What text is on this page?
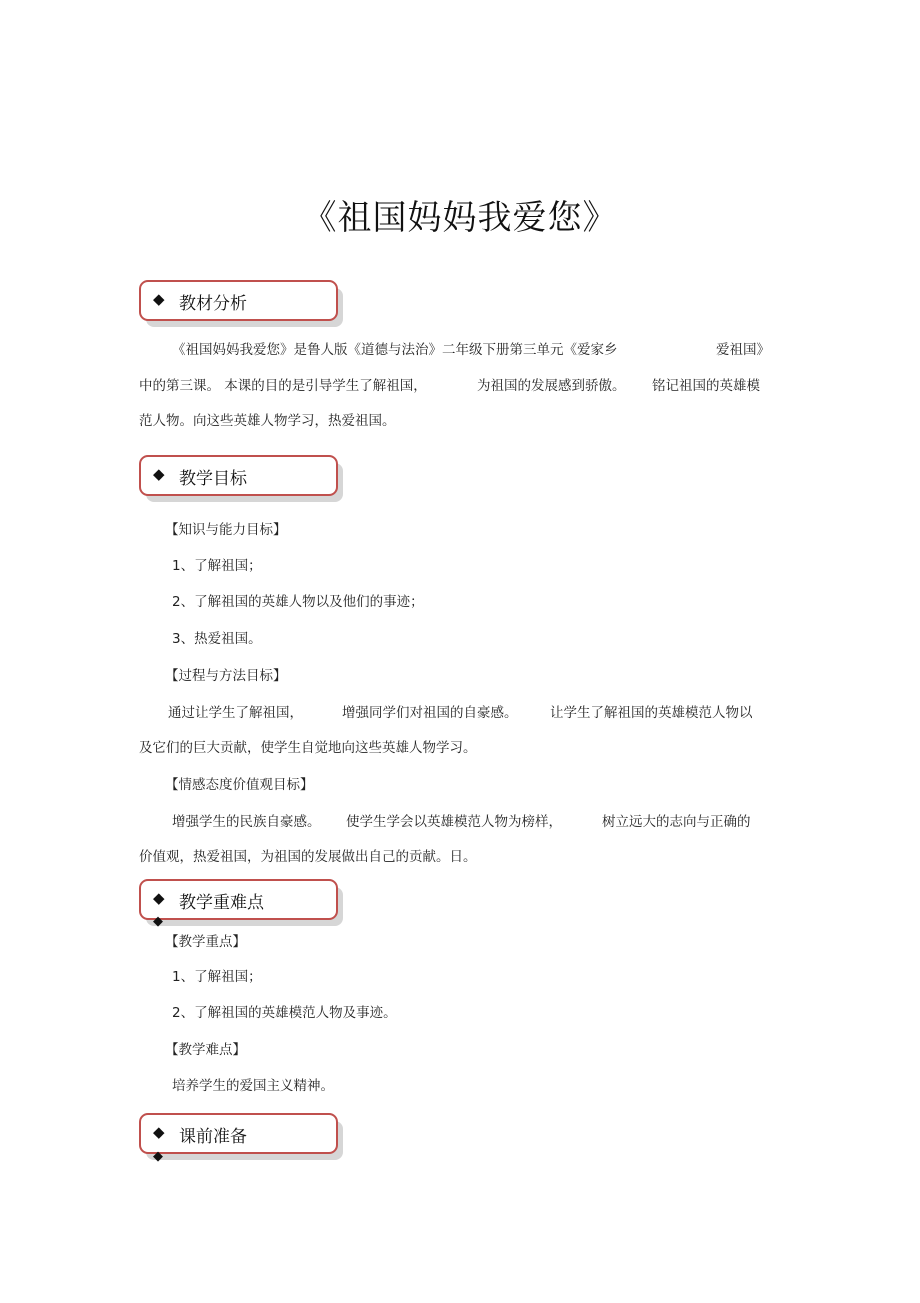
《祖国妈妈我爱您》
◆ 教材分析
《祖国妈妈我爱您》是鲁人版《道德与法治》二年级下册第三单元《爱家乡	爱祖国》
中的第三课。 本课的目的是引导学生了解祖国，	为祖国的发展感到骄傲。 铭记祖国的英雄模
范人物。向这些英雄人物学习，热爱祖国。
◆ 教学目标
【知识与能力目标】
1、了解祖国；
2、了解祖国的英雄人物以及他们的事迹；
3、热爱祖国。
【过程与方法目标】
通过让学生了解祖国，	增强同学们对祖国的自豪感。 让学生了解祖国的英雄模范人物以
及它们的巨大贡献，使学生自觉地向这些英雄人物学习。
【情感态度价值观目标】
增强学生的民族自豪感。 使学生学会以英雄模范人物为榜样，	树立远大的志向与正确的
价值观，热爱祖国，为祖国的发展做出自己的贡献。日。
◆ 教学重难点
◆
【教学重点】
1、了解祖国；
2、了解祖国的英雄模范人物及事迹。
【教学难点】
培养学生的爱国主义精神。
◆ 课前准备
◆
